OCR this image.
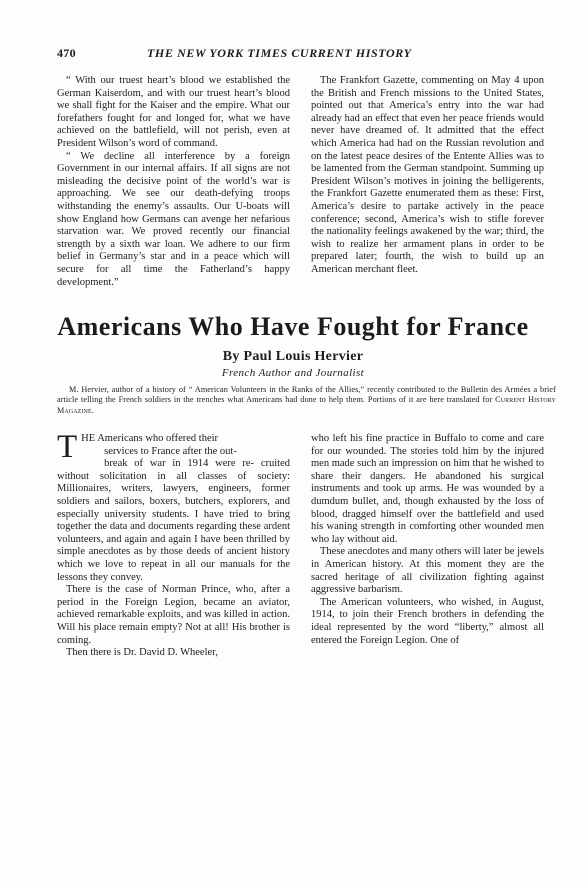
470	THE NEW YORK TIMES CURRENT HISTORY

“ With our truest heart’s blood we established the German Kaiserdom, and with our truest heart’s blood we shall fight for the Kaiser and the empire. What our forefathers fought for and longed for, what we have achieved on the battlefield, will not perish, even at President Wilson’s word of command.

“ We decline all interference by a foreign Government in our internal affairs. If all signs are not misleading the decisive point of the world’s war is approaching. We see our death-defying troops withstanding the enemy’s assaults. Our U-boats will show England how Germans can avenge her nefarious starvation war. We proved recently our financial strength by a sixth war loan. We adhere to our firm belief in Germany’s star and in a peace which will secure for all time the Fatherland’s happy development.”

The Frankfort Gazette, commenting on May 4 upon the British and French missions to the United States, pointed out that America’s entry into the war had already had an effect that even her peace friends would never have dreamed of. It admitted that the effect which America had had on the Russian revolution and on the latest peace desires of the Entente Allies was to be lamented from the German standpoint. Summing up President Wilson’s motives in joining the belligerents, the Frankfort Gazette enumerated them as these: First, America’s desire to partake actively in the peace conference; second, America’s wish to stifle forever the nationality feelings awakened by the war; third, the wish to realize her armament plans in order to be prepared later; fourth, the wish to build up an American merchant fleet.

Americans Who Have Fought for France
By Paul Louis Hervier
French Author and Journalist
M. Hervier, author of a history of “ American Volunteers in the Ranks of the Allies,” recently contributed to the Bulletin des Armées a brief article telling the French soldiers in the trenches what Americans had done to help them. Portions of it are here translated for Current History Magazine.

THE Americans who offered their
services to France after the out-
break of war in 1914 were re- cruited without solicitation in all classes of society: Millionaires, writers, lawyers, engineers, former soldiers and sailors, boxers, butchers, explorers, and especially university students. I have tried to bring together the data and documents regarding these ardent volunteers, and again and again I have been thrilled by simple anecdotes as by those deeds of ancient history which we love to repeat in all our manuals for the lessons they convey.

There is the case of Norman Prince, who, after a period in the Foreign Legion, became an aviator, achieved remarkable exploits, and was killed in action. Will his place remain empty? Not at all! His brother is coming.

Then there is Dr. David D. Wheeler,

who left his fine practice in Buffalo to come and care for our wounded. The stories told him by the injured men made such an impression on him that he wished to share their dangers. He abandoned his surgical instruments and took up arms. He was wounded by a dumdum bullet, and, though exhausted by the loss of blood, dragged himself over the battlefield and used his waning strength in comforting other wounded men who lay without aid.

These anecdotes and many others will later be jewels in American history. At this moment they are the sacred heritage of all civilization fighting against aggressive barbarism.

The American volunteers, who wished, in August, 1914, to join their French brothers in defending the ideal represented by the word “liberty,” almost all entered the Foreign Legion. One of
